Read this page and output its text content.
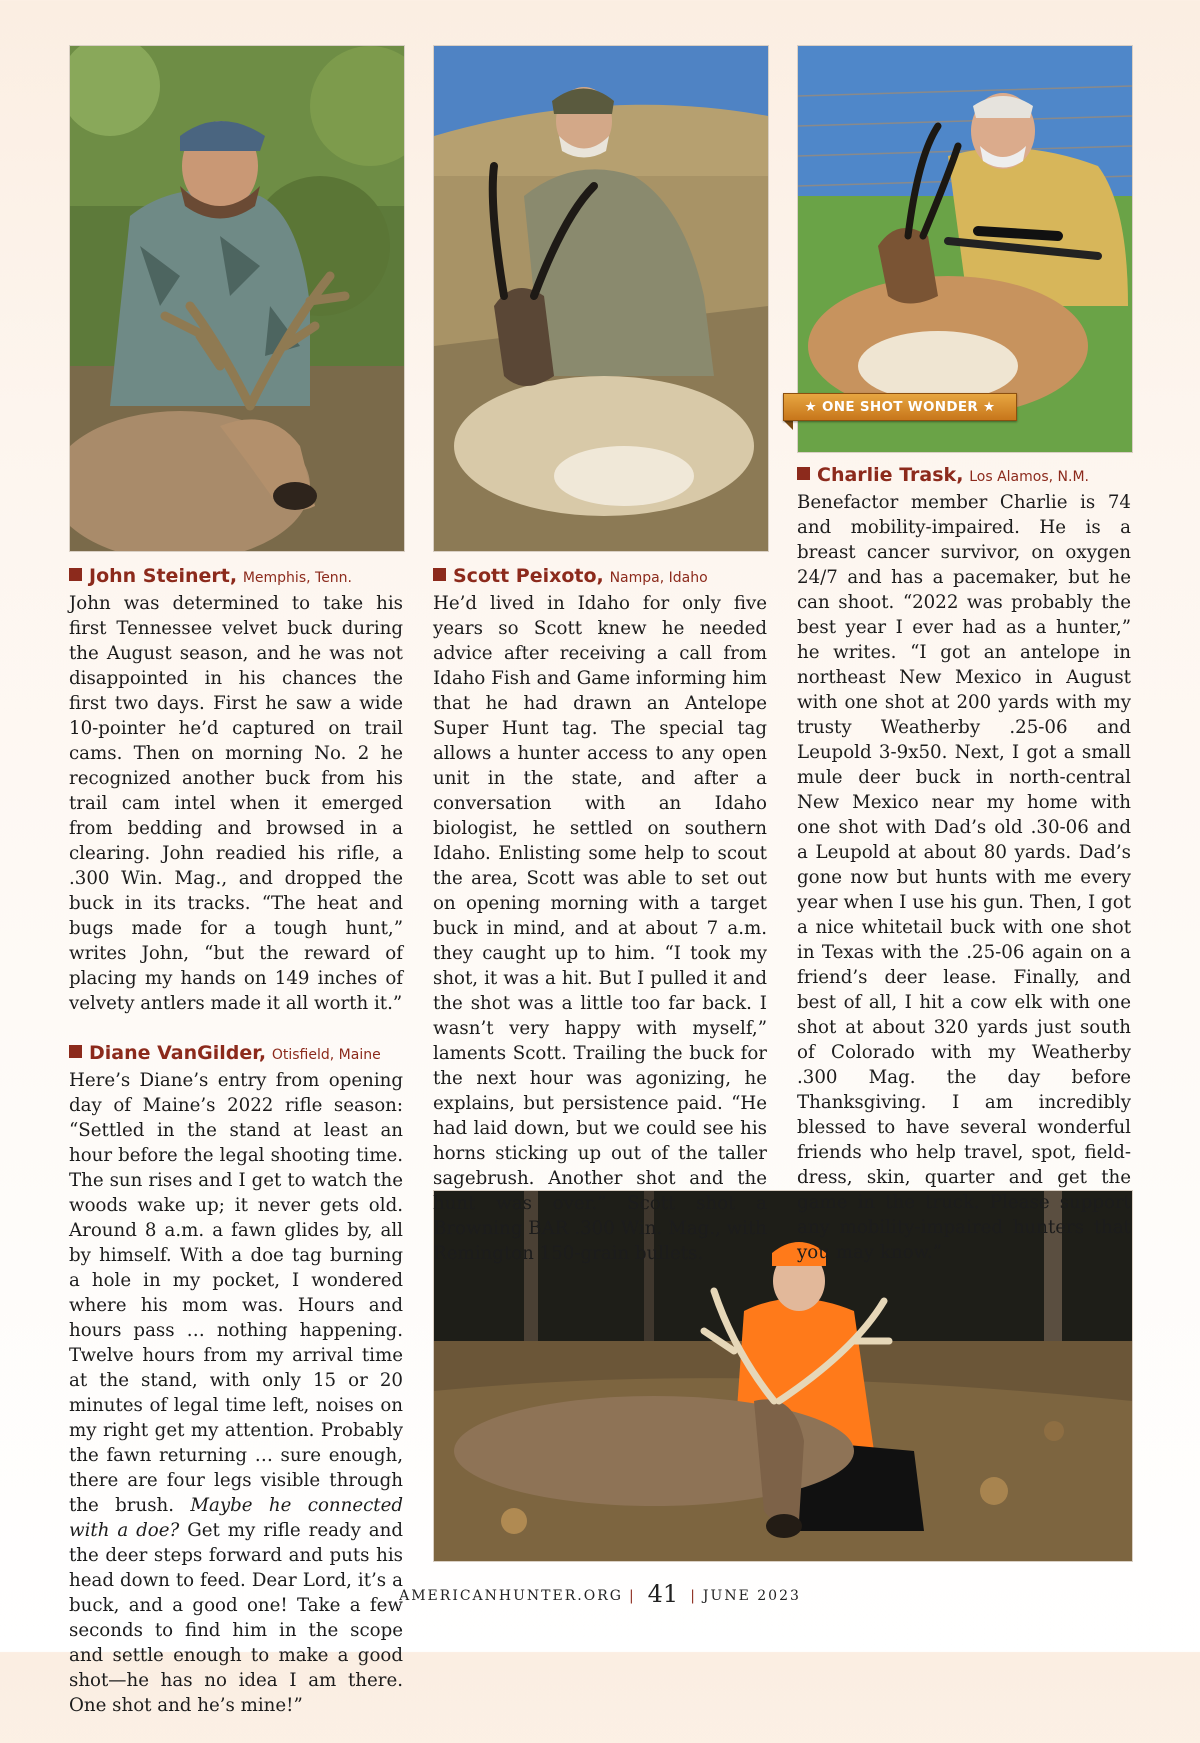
★ ONE SHOT WONDER ★

John Steinert, Memphis, Tenn.

John was determined to take his first Tennessee velvet buck during the August season, and he was not disappointed in his chances the first two days. First he saw a wide 10-pointer he’d captured on trail cams. Then on morning No. 2 he recognized another buck from his trail cam intel when it emerged from bedding and browsed in a clearing. John readied his rifle, a .300 Win. Mag., and dropped the buck in its tracks. “The heat and bugs made for a tough hunt,” writes John, “but the reward of placing my hands on 149 inches of velvety antlers made it all worth it.”

Diane VanGilder, Otisfield, Maine

Here’s Diane’s entry from opening day of Maine’s 2022 rifle season: “Settled in the stand at least an hour before the legal shooting time. The sun rises and I get to watch the woods wake up; it never gets old. Around 8 a.m. a fawn glides by, all by himself. With a doe tag burning a hole in my pocket, I wondered where his mom was. Hours and hours pass … nothing happening. Twelve hours from my arrival time at the stand, with only 15 or 20 minutes of legal time left, noises on my right get my attention. Probably the fawn returning … sure enough, there are four legs visible through the brush. Maybe he connected with a doe? Get my rifle ready and the deer steps forward and puts his head down to feed. Dear Lord, it’s a buck, and a good one! Take a few seconds to find him in the scope and settle enough to make a good shot—he has no idea I am there. One shot and he’s mine!”

Scott Peixoto, Nampa, Idaho

He’d lived in Idaho for only five years so Scott knew he needed advice after receiving a call from Idaho Fish and Game informing him that he had drawn an Antelope Super Hunt tag. The special tag allows a hunter access to any open unit in the state, and after a conversation with an Idaho biologist, he settled on southern Idaho. Enlisting some help to scout the area, Scott was able to set out on opening morning with a target buck in mind, and at about 7 a.m. they caught up to him. “I took my shot, it was a hit. But I pulled it and the shot was a little too far back. I wasn’t very happy with myself,” laments Scott. Trailing the buck for the next hour was agonizing, he explains, but persistence paid. “He had laid down, but we could see his horns sticking up out of the taller sagebrush. Another shot and the hunt was over.” Scott shot a Browning BAR .300 Win. Mag., with Remington 150-grain bullets.

Charlie Trask, Los Alamos, N.M.

Benefactor member Charlie is 74 and mobility-impaired. He is a breast cancer survivor, on oxygen 24/7 and has a pacemaker, but he can shoot. “2022 was probably the best year I ever had as a hunter,” he writes. “I got an antelope in northeast New Mexico in August with one shot at 200 yards with my trusty Weatherby .25-06 and Leupold 3-9x50. Next, I got a small mule deer buck in north-central New Mexico near my home with one shot with Dad’s old .30-06 and a Leupold at about 80 yards. Dad’s gone now but hunts with me every year when I use his gun. Then, I got a nice whitetail buck with one shot in Texas with the .25-06 again on a friend’s deer lease. Finally, and best of all, I hit a cow elk with one shot at about 320 yards just south of Colorado with my Weatherby .300 Mag. the day before Thanksgiving. I am incredibly blessed to have several wonderful friends who help travel, spot, field-dress, skin, quarter and get the game in the truck. Please support any mobility-impaired hunters that you may know.”

AMERICANHUNTER.ORG | 41 | JUNE 2023
